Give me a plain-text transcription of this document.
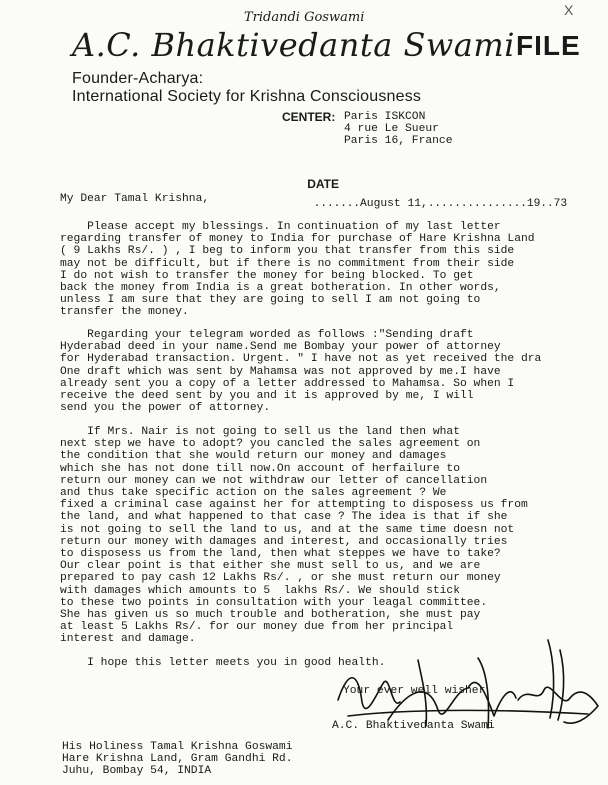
X
Tridandi Goswami
A.C. Bhaktivedanta Swami FILE
Founder-Acharya:
International Society for Krishna Consciousness
CENTER: Paris ISKCON
4 rue Le Sueur
Paris 16, France

DATE
.......August 11,...............19..73

My Dear Tamal Krishna,
Please accept my blessings. In continuation of my last letter
regarding transfer of money to India for purchase of Hare Krishna Land
( 9 Lakhs Rs/. ) , I beg to inform you that transfer from this side
may not be difficult, but if there is no commitment from their side
I do not wish to transfer the money for being blocked. To get
back the money from India is a great botheration. In other words,
unless I am sure that they are going to sell I am not going to
transfer the money.
Regarding your telegram worded as follows :"Sending draft
Hyderabad deed in your name.Send me Bombay your power of attorney
for Hyderabad transaction. Urgent. " I have not as yet received the dra
One draft which was sent by Mahamsa was not approved by me.I have
already sent you a copy of a letter addressed to Mahamsa. So when I
receive the deed sent by you and it is approved by me, I will
send you the power of attorney.
If Mrs. Nair is not going to sell us the land then what
next step we have to adopt? you cancled the sales agreement on
the condition that she would return our money and damages
which she has not done till now.On account of herfailure to
return our money can we not withdraw our letter of cancellation
and thus take specific action on the sales agreement ? We
fixed a criminal case against her for attempting to disposess us from
the land, and what happened to that case ? The idea is that if she
is not going to sell the land to us, and at the same time doesn not
return our money with damages and interest, and occasionally tries
to disposess us from the land, then what steppes we have to take?
Our clear point is that either she must sell to us, and we are
prepared to pay cash 12 Lakhs Rs/. , or she must return our money
with damages which amounts to 5  lakhs Rs/. We should stick
to these two points in consultation with your leagal committee.
She has given us so much trouble and botheration, she must pay
at least 5 Lakhs Rs/. for our money due from her principal
interest and damage.
I hope this letter meets you in good health.
Your ever well wisher
A.C. Bhaktivedanta Swami
His Holiness Tamal Krishna Goswami
Hare Krishna Land, Gram Gandhi Rd.
Juhu, Bombay 54, INDIA
